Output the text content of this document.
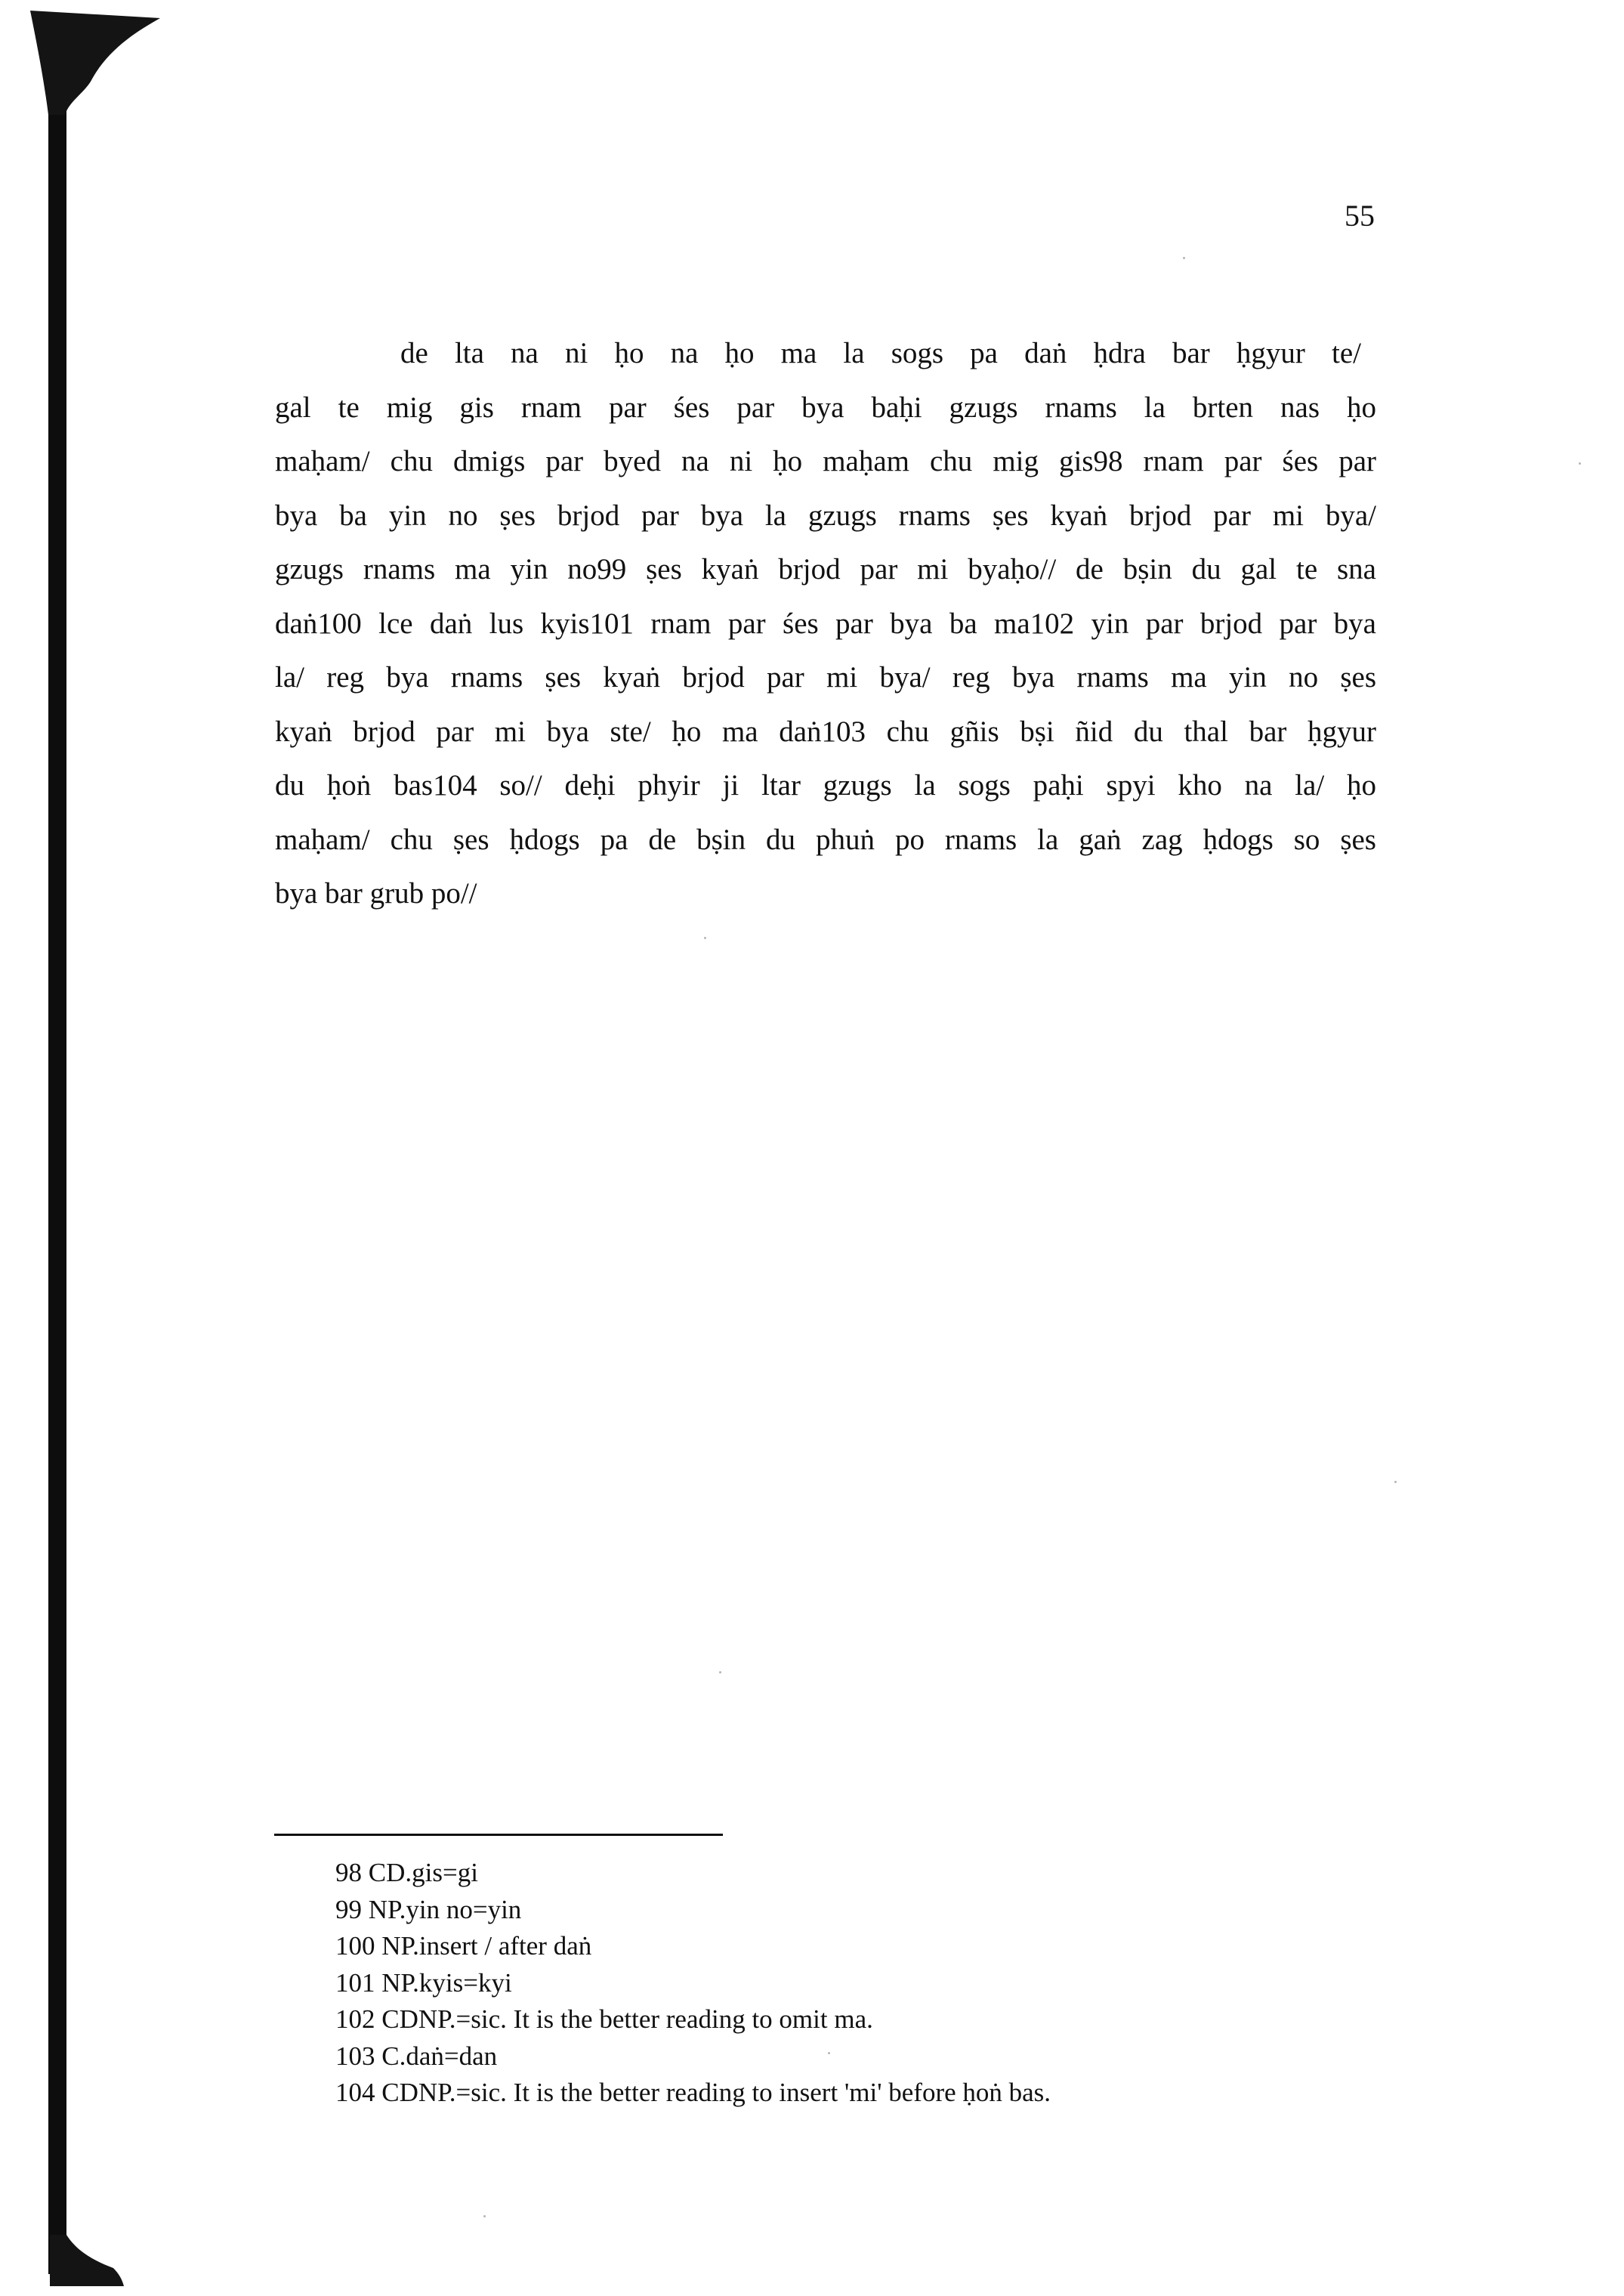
55
de lta na ni ḥo na ḥo ma la sogs pa daṅ ḥdra bar ḥgyur te/
gal te mig gis rnam par śes par bya baḥi gzugs rnams la brten nas ḥo
maḥam/ chu dmigs par byed na ni ḥo maḥam chu mig gis98 rnam par śes par
bya ba yin no ṣes brjod par bya la gzugs rnams ṣes kyaṅ brjod par mi bya/
gzugs rnams ma yin no99 ṣes kyaṅ brjod par mi byaḥo// de bṣin du gal te sna
daṅ100 lce daṅ lus kyis101 rnam par śes par bya ba ma102 yin par brjod par bya
la/ reg bya rnams ṣes kyaṅ brjod par mi bya/ reg bya rnams ma yin no ṣes
kyaṅ brjod par mi bya ste/ ḥo ma daṅ103 chu gñis bṣi ñid du thal bar ḥgyur
du ḥoṅ bas104 so// deḥi phyir ji ltar gzugs la sogs paḥi spyi kho na la/ ḥo
maḥam/ chu ṣes ḥdogs pa de bṣin du phuṅ po rnams la gaṅ zag ḥdogs so ṣes
bya bar grub po//
98 CD.gis=gi
99 NP.yin no=yin
100 NP.insert / after daṅ
101 NP.kyis=kyi
102 CDNP.=sic. It is the better reading to omit ma.
103 C.daṅ=dan
104 CDNP.=sic. It is the better reading to insert 'mi' before ḥoṅ bas.
